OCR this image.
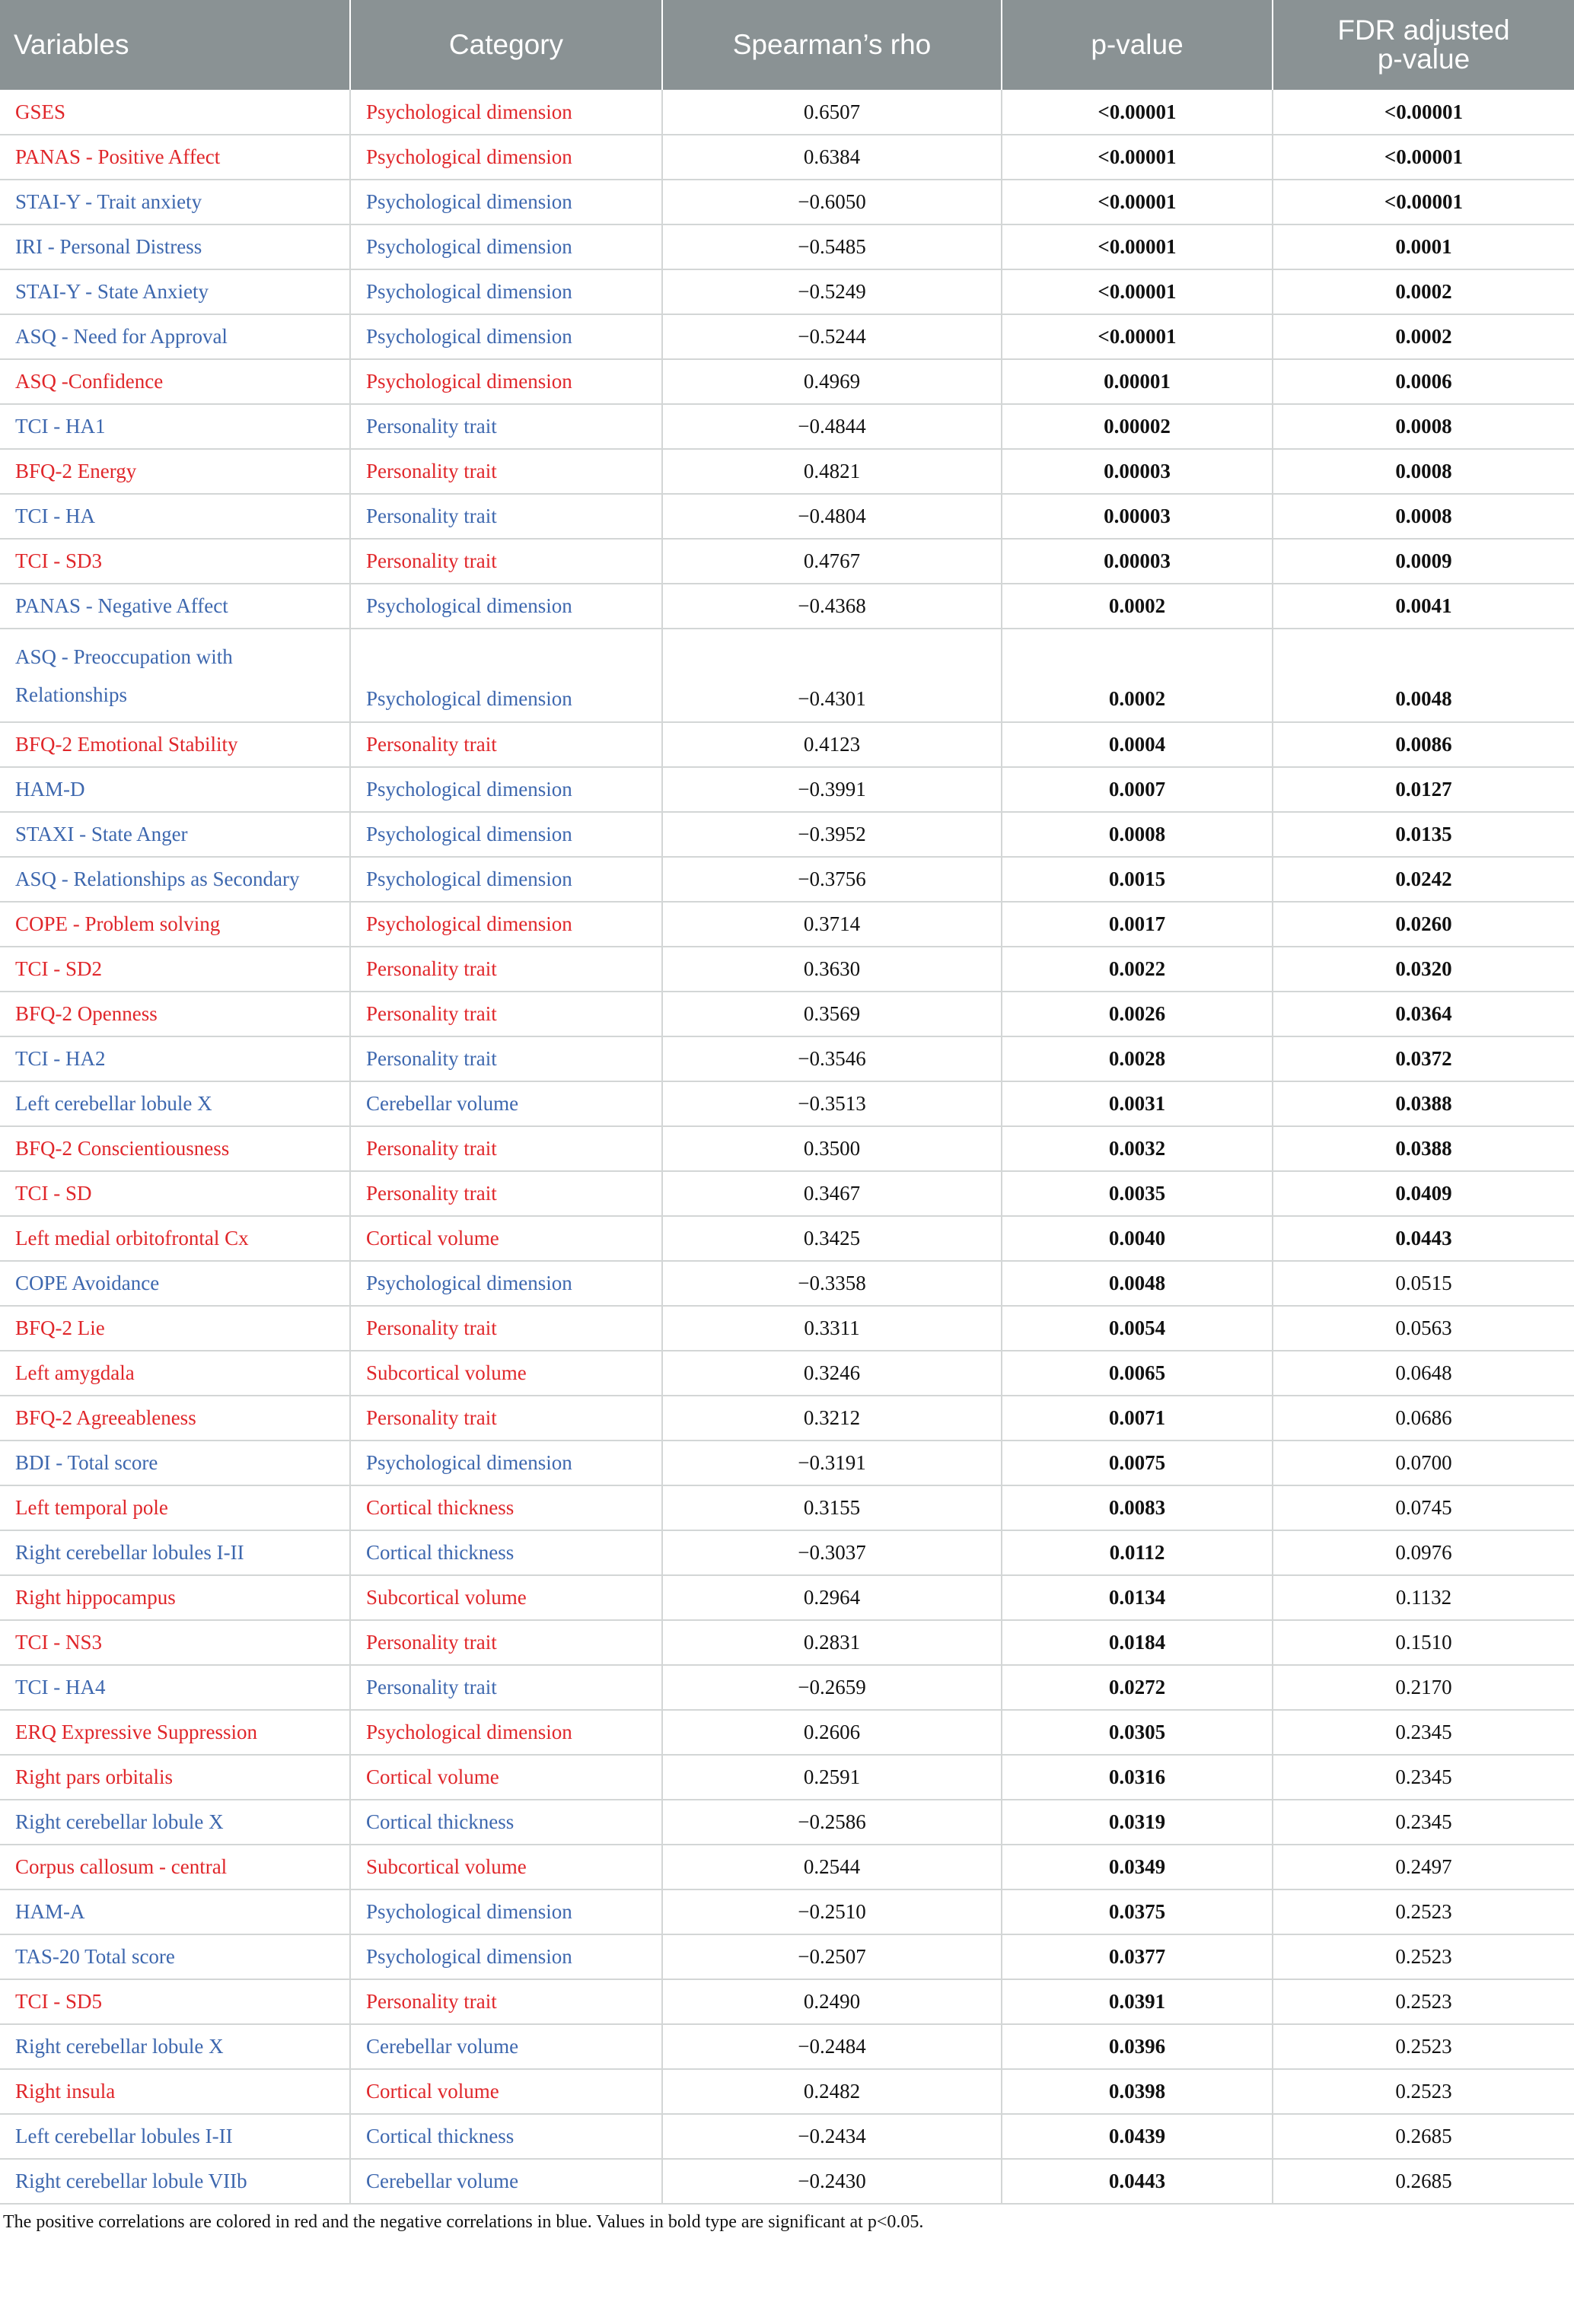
Variables	Category	Spearman’s rho	p-value	FDR adjusted
p-value

GSES	Psychological dimension	0.6507	<0.00001	<0.00001
PANAS - Positive Affect	Psychological dimension	0.6384	<0.00001	<0.00001
STAI-Y - Trait anxiety	Psychological dimension	−0.6050	<0.00001	<0.00001
IRI - Personal Distress	Psychological dimension	−0.5485	<0.00001	0.0001
STAI-Y - State Anxiety	Psychological dimension	−0.5249	<0.00001	0.0002
ASQ - Need for Approval	Psychological dimension	−0.5244	<0.00001	0.0002
ASQ -Confidence	Psychological dimension	0.4969	0.00001	0.0006
TCI - HA1	Personality trait	−0.4844	0.00002	0.0008
BFQ-2 Energy	Personality trait	0.4821	0.00003	0.0008
TCI - HA	Personality trait	−0.4804	0.00003	0.0008
TCI - SD3	Personality trait	0.4767	0.00003	0.0009
PANAS - Negative Affect	Psychological dimension	−0.4368	0.0002	0.0041
ASQ - Preoccupation with Relationships	Psychological dimension	−0.4301	0.0002	0.0048
BFQ-2 Emotional Stability	Personality trait	0.4123	0.0004	0.0086
HAM-D	Psychological dimension	−0.3991	0.0007	0.0127
STAXI - State Anger	Psychological dimension	−0.3952	0.0008	0.0135
ASQ - Relationships as Secondary	Psychological dimension	−0.3756	0.0015	0.0242
COPE - Problem solving	Psychological dimension	0.3714	0.0017	0.0260
TCI - SD2	Personality trait	0.3630	0.0022	0.0320
BFQ-2 Openness	Personality trait	0.3569	0.0026	0.0364
TCI - HA2	Personality trait	−0.3546	0.0028	0.0372
Left cerebellar lobule X	Cerebellar volume	−0.3513	0.0031	0.0388
BFQ-2 Conscientiousness	Personality trait	0.3500	0.0032	0.0388
TCI - SD	Personality trait	0.3467	0.0035	0.0409
Left medial orbitofrontal Cx	Cortical volume	0.3425	0.0040	0.0443
COPE Avoidance	Psychological dimension	−0.3358	0.0048	0.0515
BFQ-2 Lie	Personality trait	0.3311	0.0054	0.0563
Left amygdala	Subcortical volume	0.3246	0.0065	0.0648
BFQ-2 Agreeableness	Personality trait	0.3212	0.0071	0.0686
BDI - Total score	Psychological dimension	−0.3191	0.0075	0.0700
Left temporal pole	Cortical thickness	0.3155	0.0083	0.0745
Right cerebellar lobules I-II	Cortical thickness	−0.3037	0.0112	0.0976
Right hippocampus	Subcortical volume	0.2964	0.0134	0.1132
TCI - NS3	Personality trait	0.2831	0.0184	0.1510
TCI - HA4	Personality trait	−0.2659	0.0272	0.2170
ERQ Expressive Suppression	Psychological dimension	0.2606	0.0305	0.2345
Right pars orbitalis	Cortical volume	0.2591	0.0316	0.2345
Right cerebellar lobule X	Cortical thickness	−0.2586	0.0319	0.2345
Corpus callosum - central	Subcortical volume	0.2544	0.0349	0.2497
HAM-A	Psychological dimension	−0.2510	0.0375	0.2523
TAS-20 Total score	Psychological dimension	−0.2507	0.0377	0.2523
TCI - SD5	Personality trait	0.2490	0.0391	0.2523
Right cerebellar lobule X	Cerebellar volume	−0.2484	0.0396	0.2523
Right insula	Cortical volume	0.2482	0.0398	0.2523
Left cerebellar lobules I-II	Cortical thickness	−0.2434	0.0439	0.2685
Right cerebellar lobule VIIb	Cerebellar volume	−0.2430	0.0443	0.2685
The positive correlations are colored in red and the negative correlations in blue. Values in bold type are significant at p<0.05.
